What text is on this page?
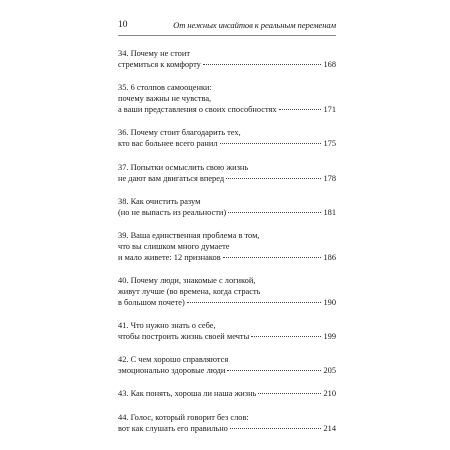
10	От нежных инсайтов к реальным переменам
34. Почему не стоит
стремиться к комфорту	168
35. 6 столпов самооценки:
почему важны не чувства,
а ваши представления о своих способностях	171
36. Почему стоит благодарить тех,
кто вас больнее всего ранил	175
37. Попытки осмыслить свою жизнь
не дают вам двигаться вперед	178
38. Как очистить разум
(но не выпасть из реальности)	181
39. Ваша единственная проблема в том,
что вы слишком много думаете
и мало живете: 12 признаков	186
40. Почему люди, знакомые с логикой,
живут лучше (во времена, когда страсть
в большом почете)	190
41. Что нужно знать о себе,
чтобы построить жизнь своей мечты	199
42. С чем хорошо справляются
эмоционально здоровые люди	205
43. Как понять, хороша ли наша жизнь	210
44. Голос, который говорит без слов:
вот как слушать его правильно	214
